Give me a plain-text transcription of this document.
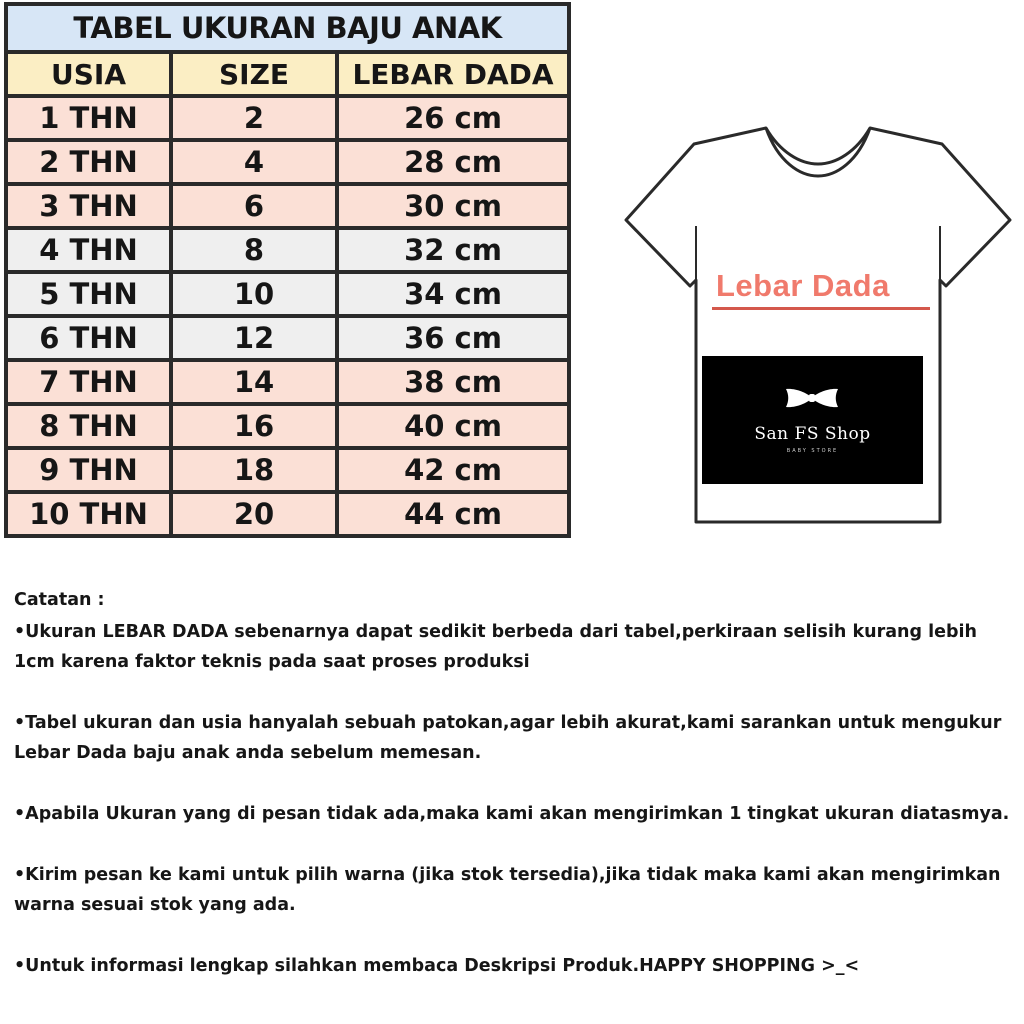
TABEL UKURAN BAJU ANAK		
USIA	SIZE	LEBAR DADA
1 THN	2	26 cm
2 THN	4	28 cm
3 THN	6	30 cm
4 THN	8	32 cm
5 THN	10	34 cm
6 THN	12	36 cm
7 THN	14	38 cm
8 THN	16	40 cm
9 THN	18	42 cm
10 THN	20	44 cm
Lebar Dada
San FS Shop
BABY STORE
Catatan :
•Ukuran LEBAR DADA sebenarnya dapat sedikit berbeda dari tabel,perkiraan selisih kurang lebih 1cm karena faktor teknis pada saat proses produksi
•Tabel ukuran dan usia hanyalah sebuah patokan,agar lebih akurat,kami sarankan untuk mengukur Lebar Dada baju anak anda sebelum memesan.
•Apabila Ukuran yang di pesan tidak ada,maka kami akan mengirimkan 1 tingkat ukuran diatasmya.
•Kirim pesan ke kami untuk pilih warna (jika stok tersedia),jika tidak maka kami akan mengirimkan warna sesuai stok yang ada.
•Untuk informasi lengkap silahkan membaca Deskripsi Produk.HAPPY SHOPPING >_<
